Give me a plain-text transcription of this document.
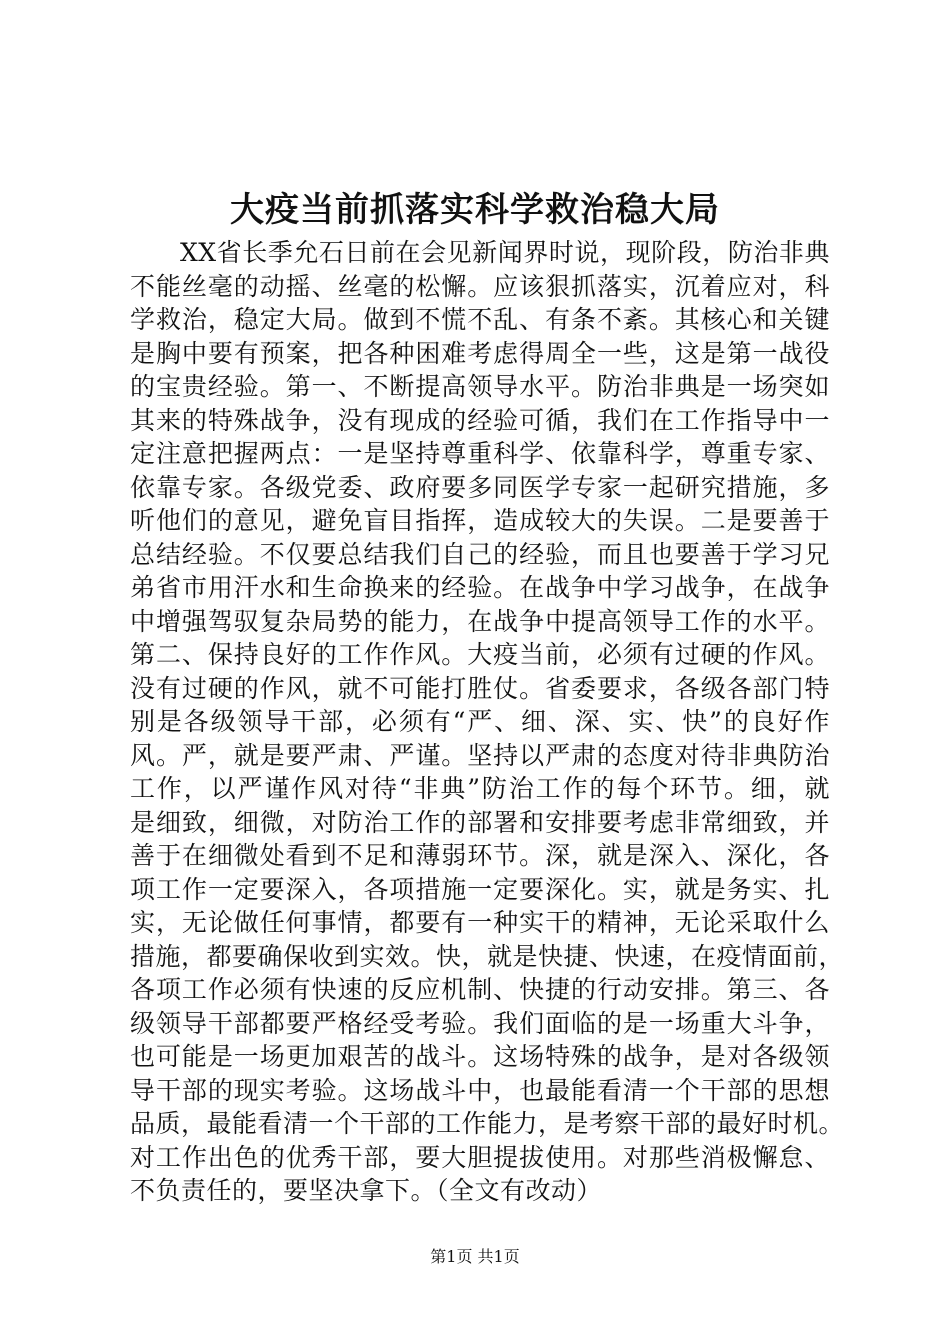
大疫当前抓落实科学救治稳大局
XX省长季允石日前在会见新闻界时说，现阶段，防治非典
不能丝毫的动摇、丝毫的松懈。应该狠抓落实，沉着应对，科
学救治，稳定大局。做到不慌不乱、有条不紊。其核心和关键
是胸中要有预案，把各种困难考虑得周全一些，这是第一战役
的宝贵经验。第一、不断提高领导水平。防治非典是一场突如
其来的特殊战争，没有现成的经验可循，我们在工作指导中一
定注意把握两点：一是坚持尊重科学、依靠科学，尊重专家、
依靠专家。各级党委、政府要多同医学专家一起研究措施，多
听他们的意见，避免盲目指挥，造成较大的失误。二是要善于
总结经验。不仅要总结我们自己的经验，而且也要善于学习兄
弟省市用汗水和生命换来的经验。在战争中学习战争，在战争
中增强驾驭复杂局势的能力，在战争中提高领导工作的水平。
第二、保持良好的工作作风。大疫当前，必须有过硬的作风。
没有过硬的作风，就不可能打胜仗。省委要求，各级各部门特
别是各级领导干部，必须有“严、细、深、实、快”的良好作
风。严，就是要严肃、严谨。坚持以严肃的态度对待非典防治
工作，以严谨作风对待“非典”防治工作的每个环节。细，就
是细致，细微，对防治工作的部署和安排要考虑非常细致，并
善于在细微处看到不足和薄弱环节。深，就是深入、深化，各
项工作一定要深入，各项措施一定要深化。实，就是务实、扎
实，无论做任何事情，都要有一种实干的精神，无论采取什么
措施，都要确保收到实效。快，就是快捷、快速，在疫情面前，
各项工作必须有快速的反应机制、快捷的行动安排。第三、各
级领导干部都要严格经受考验。我们面临的是一场重大斗争，
也可能是一场更加艰苦的战斗。这场特殊的战争，是对各级领
导干部的现实考验。这场战斗中，也最能看清一个干部的思想
品质，最能看清一个干部的工作能力，是考察干部的最好时机。
对工作出色的优秀干部，要大胆提拔使用。对那些消极懈怠、
不负责任的，要坚决拿下。（全文有改动）
第1页 共1页
